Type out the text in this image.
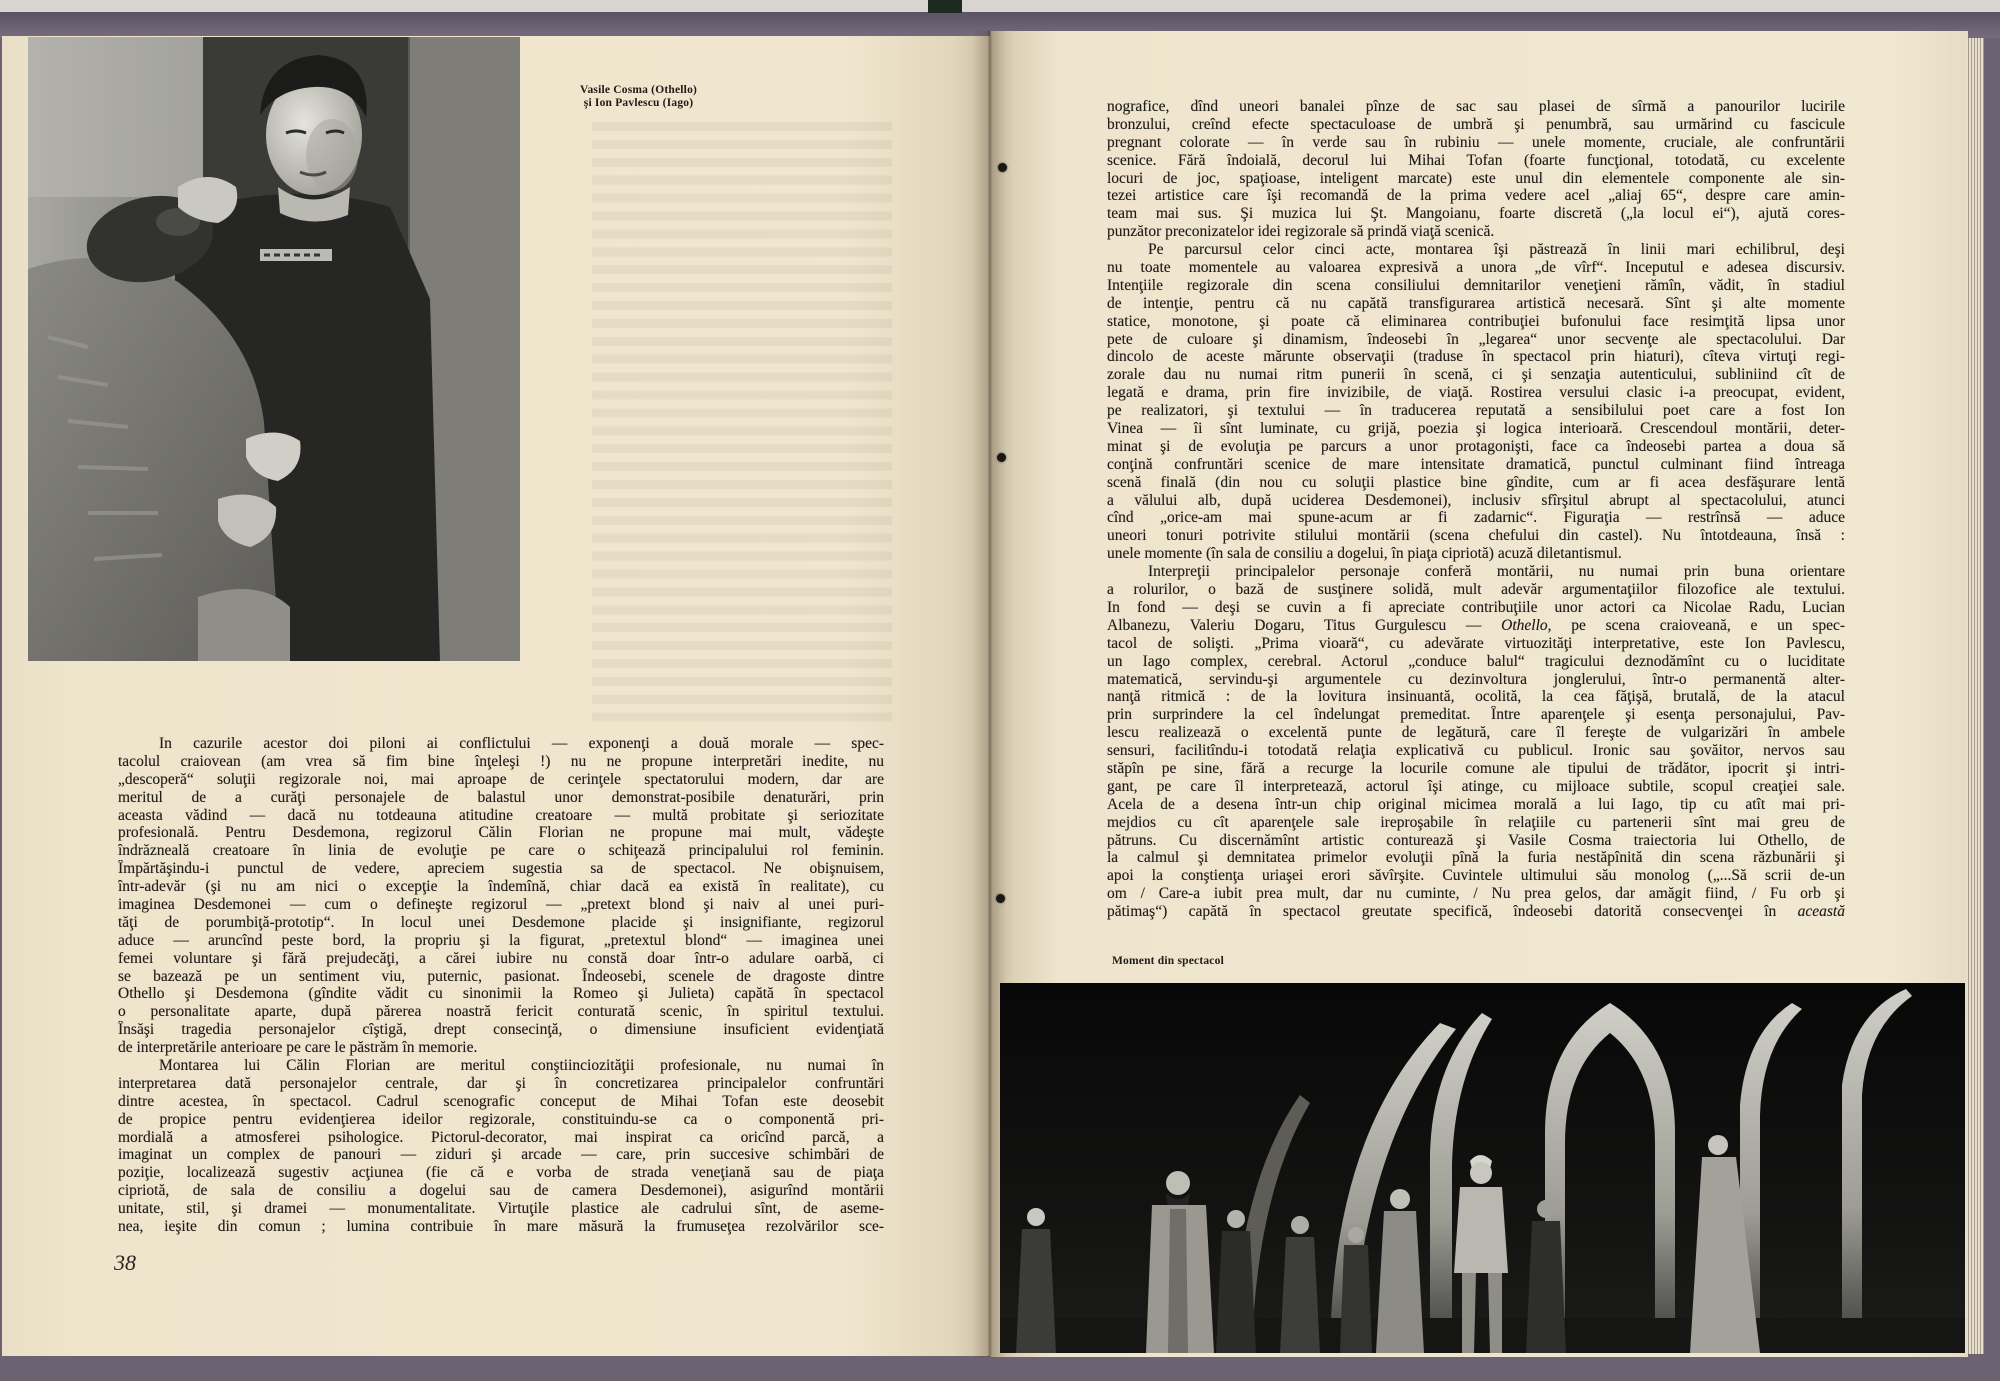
Vasile Cosma (Othello)
şi Ion Pavlescu (Iago)
In cazurile acestor doi piloni ai conflictului — exponenţi a două morale — spec-
tacolul craiovean (am vrea să fim bine înţeleşi !) nu ne propune interpretări inedite, nu
„descoperă“ soluţii regizorale noi, mai aproape de cerinţele spectatorului modern, dar are
meritul de a curăţi personajele de balastul unor demonstrat-posibile denaturări, prin
aceasta vădind — dacă nu totdeauna atitudine creatoare — multă probitate şi seriozitate
profesională. Pentru Desdemona, regizorul Călin Florian ne propune mai mult, vădeşte
îndrăzneală creatoare în linia de evoluţie pe care o schiţează principalului rol feminin.
Împărtăşindu-i punctul de vedere, apreciem sugestia sa de spectacol. Ne obişnuisem,
într-adevăr (şi nu am nici o excepţie la îndemînă, chiar dacă ea există în realitate), cu
imaginea Desdemonei — cum o defineşte regizorul — „pretext blond şi naiv al unei puri-
tăţi de porumbiţă-prototip“. In locul unei Desdemone placide şi insignifiante, regizorul
aduce — aruncînd peste bord, la propriu şi la figurat, „pretextul blond“ — imaginea unei
femei voluntare şi fără prejudecăţi, a cărei iubire nu constă doar într-o adulare oarbă, ci
se bazează pe un sentiment viu, puternic, pasionat. Îndeosebi, scenele de dragoste dintre
Othello şi Desdemona (gîndite vădit cu sinonimii la Romeo şi Julieta) capătă în spectacol
o personalitate aparte, după părerea noastră fericit conturată scenic, în spiritul textului.
Însăşi tragedia personajelor cîştigă, drept consecinţă, o dimensiune insuficient evidenţiată
de interpretările anterioare pe care le păstrăm în memorie.
Montarea lui Călin Florian are meritul conştiinciozităţii profesionale, nu numai în
interpretarea dată personajelor centrale, dar şi în concretizarea principalelor confruntări
dintre acestea, în spectacol. Cadrul scenografic conceput de Mihai Tofan este deosebit
de propice pentru evidenţierea ideilor regizorale, constituindu-se ca o componentă pri-
mordială a atmosferei psihologice. Pictorul-decorator, mai inspirat ca oricînd parcă, a
imaginat un complex de panouri — ziduri şi arcade — care, prin succesive schimbări de
poziţie, localizează sugestiv acţiunea (fie că e vorba de strada veneţiană sau de piaţa
cipriotă, de sala de consiliu a dogelui sau de camera Desdemonei), asigurînd montării
unitate, stil, şi dramei — monumentalitate. Virtuţile plastice ale cadrului sînt, de aseme-
nea, ieşite din comun ; lumina contribuie în mare măsură la frumuseţea rezolvărilor sce-
38
nografice, dînd uneori banalei pînze de sac sau plasei de sîrmă a panourilor lucirile
bronzului, creînd efecte spectaculoase de umbră şi penumbră, sau urmărind cu fascicule
pregnant colorate — în verde sau în rubiniu — unele momente, cruciale, ale confruntării
scenice. Fără îndoială, decorul lui Mihai Tofan (foarte funcţional, totodată, cu excelente
locuri de joc, spaţioase, inteligent marcate) este unul din elementele componente ale sin-
tezei artistice care îşi recomandă de la prima vedere acel „aliaj 65“, despre care amin-
team mai sus. Şi muzica lui Şt. Mangoianu, foarte discretă („la locul ei“), ajută cores-
punzător preconizatelor idei regizorale să prindă viaţă scenică.
Pe parcursul celor cinci acte, montarea îşi păstrează în linii mari echilibrul, deşi
nu toate momentele au valoarea expresivă a unora „de vîrf“. Inceputul e adesea discursiv.
Intenţiile regizorale din scena consiliului demnitarilor veneţieni rămîn, vădit, în stadiul
de intenţie, pentru că nu capătă transfigurarea artistică necesară. Sînt şi alte momente
statice, monotone, şi poate că eliminarea contribuţiei bufonului face resimţită lipsa unor
pete de culoare şi dinamism, îndeosebi în „legarea“ unor secvenţe ale spectacolului. Dar
dincolo de aceste mărunte observaţii (traduse în spectacol prin hiaturi), cîteva virtuţi regi-
zorale dau nu numai ritm punerii în scenă, ci şi senzaţia autenticului, subliniind cît de
legată e drama, prin fire invizibile, de viaţă. Rostirea versului clasic i-a preocupat, evident,
pe realizatori, şi textului — în traducerea reputată a sensibilului poet care a fost Ion
Vinea — îi sînt luminate, cu grijă, poezia şi logica interioară. Crescendoul montării, deter-
minat şi de evoluţia pe parcurs a unor protagonişti, face ca îndeosebi partea a doua să
conţină confruntări scenice de mare intensitate dramatică, punctul culminant fiind întreaga
scenă finală (din nou cu soluţii plastice bine gîndite, cum ar fi acea desfăşurare lentă
a vălului alb, după uciderea Desdemonei), inclusiv sfîrşitul abrupt al spectacolului, atunci
cînd „orice-am mai spune-acum ar fi zadarnic“. Figuraţia — restrînsă — aduce
uneori tonuri potrivite stilului montării (scena chefului din castel). Nu întotdeauna, însă :
unele momente (în sala de consiliu a dogelui, în piaţa cipriotă) acuză diletantismul.
Interpreţii principalelor personaje conferă montării, nu numai prin buna orientare
a rolurilor, o bază de susţinere solidă, mult adevăr argumentaţiilor filozofice ale textului.
In fond — deşi se cuvin a fi apreciate contribuţiile unor actori ca Nicolae Radu, Lucian
Albanezu, Valeriu Dogaru, Titus Gurgulescu — Othello, pe scena craioveană, e un spec-
tacol de solişti. „Prima vioară“, cu adevărate virtuozităţi interpretative, este Ion Pavlescu,
un Iago complex, cerebral. Actorul „conduce balul“ tragicului deznodămînt cu o luciditate
matematică, servindu-şi argumentele cu dezinvoltura jonglerului, într-o permanentă alter-
nanţă ritmică : de la lovitura insinuantă, ocolită, la cea făţişă, brutală, de la atacul
prin surprindere la cel îndelungat premeditat. Între aparenţele şi esenţa personajului, Pav-
lescu realizează o excelentă punte de legătură, care îl fereşte de vulgarizări în ambele
sensuri, facilitîndu-i totodată relaţia explicativă cu publicul. Ironic sau şovăitor, nervos sau
stăpîn pe sine, fără a recurge la locurile comune ale tipului de trădător, ipocrit şi intri-
gant, pe care îl interpretează, actorul îşi atinge, cu mijloace subtile, scopul creaţiei sale.
Acela de a desena într-un chip original micimea morală a lui Iago, tip cu atît mai pri-
mejdios cu cît aparenţele sale ireproşabile în relaţiile cu partenerii sînt mai greu de
pătruns. Cu discernămînt artistic conturează şi Vasile Cosma traiectoria lui Othello, de
la calmul şi demnitatea primelor evoluţii pînă la furia nestăpînită din scena răzbunării şi
apoi la conştienţa uriaşei erori săvîrşite. Cuvintele ultimului său monolog („...Să scrii de-un
om / Care-a iubit prea mult, dar nu cuminte, / Nu prea gelos, dar amăgit fiind, / Fu orb şi
pătimaş“) capătă în spectacol greutate specifică, îndeosebi datorită consecvenţei în această
Moment din spectacol
